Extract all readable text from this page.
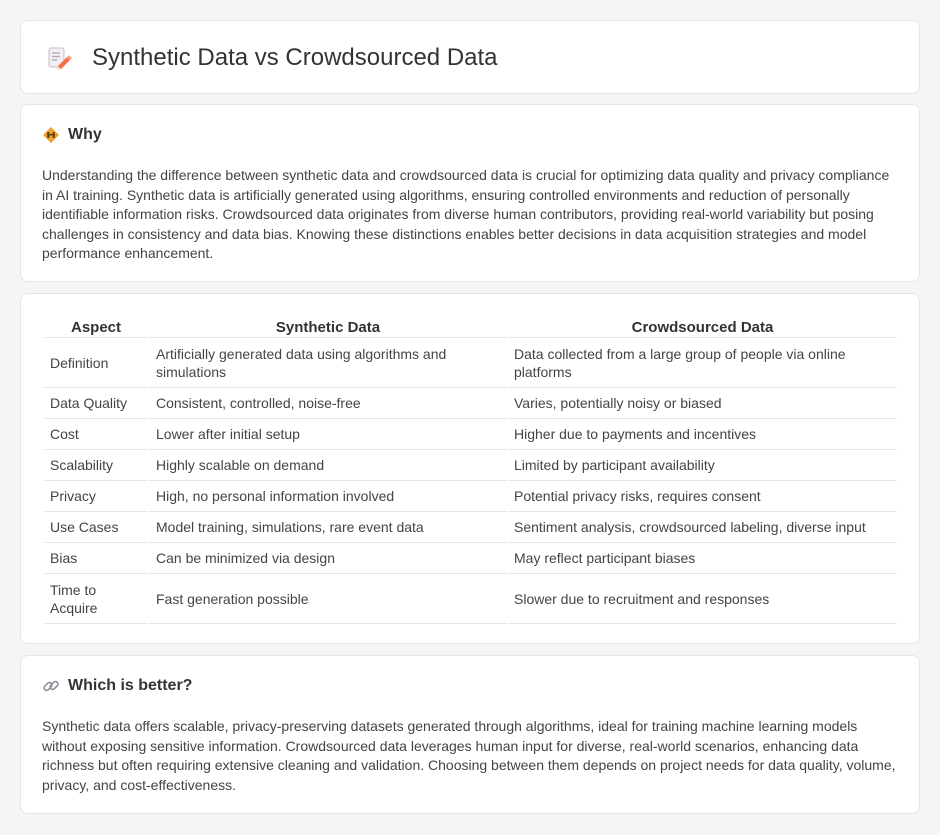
Synthetic Data vs Crowdsourced Data
Why

Understanding the difference between synthetic data and crowdsourced data is crucial for optimizing data quality and privacy compliance in AI training. Synthetic data is artificially generated using algorithms, ensuring controlled environments and reduction of personally identifiable information risks. Crowdsourced data originates from diverse human contributors, providing real-world variability but posing challenges in consistency and data bias. Knowing these distinctions enables better decisions in data acquisition strategies and model performance enhancement.

Aspect	Synthetic Data	Crowdsourced Data
Definition	Artificially generated data using algorithms and simulations	Data collected from a large group of people via online platforms
Data Quality	Consistent, controlled, noise-free	Varies, potentially noisy or biased
Cost	Lower after initial setup	Higher due to payments and incentives
Scalability	Highly scalable on demand	Limited by participant availability
Privacy	High, no personal information involved	Potential privacy risks, requires consent
Use Cases	Model training, simulations, rare event data	Sentiment analysis, crowdsourced labeling, diverse input
Bias	Can be minimized via design	May reflect participant biases
Time to Acquire	Fast generation possible	Slower due to recruitment and responses
Which is better?

Synthetic data offers scalable, privacy-preserving datasets generated through algorithms, ideal for training machine learning models without exposing sensitive information. Crowdsourced data leverages human input for diverse, real-world scenarios, enhancing data richness but often requiring extensive cleaning and validation. Choosing between them depends on project needs for data quality, volume, privacy, and cost-effectiveness.
